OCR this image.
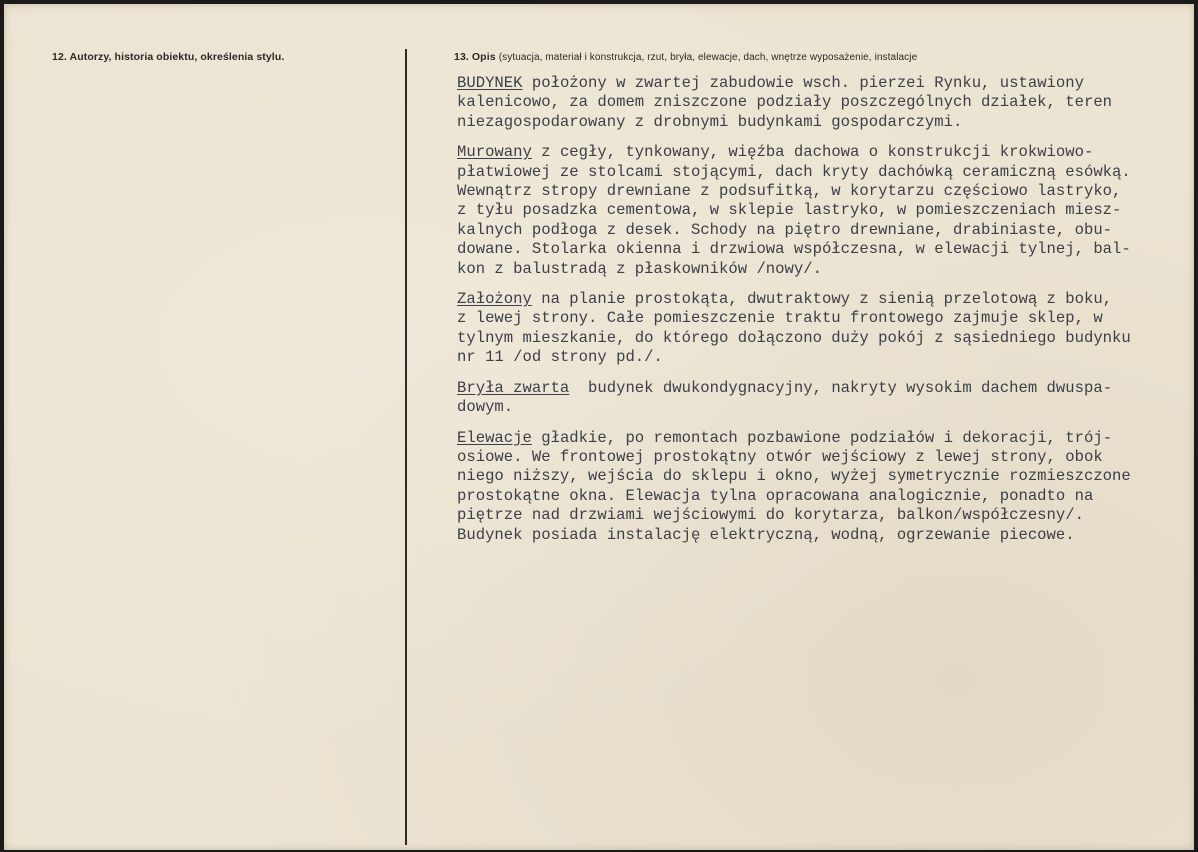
12. Autorzy, historia obiektu, określenia stylu.	13. Opis (sytuacja, materiał i konstrukcja, rzut, bryła, elewacje, dach, wnętrze wyposażenie, instalacje
BUDYNEK położony w zwartej zabudowie wsch. pierzei Rynku, ustawiony
kalenicowo, za domem zniszczone podziały poszczególnych działek, teren
niezagospodarowany z drobnymi budynkami gospodarczymi.
Murowany z cegły, tynkowany, więźba dachowa o konstrukcji krokwiowo-
płatwiowej ze stolcami stojącymi, dach kryty dachówką ceramiczną esówką.
Wewnątrz stropy drewniane z podsufitką, w korytarzu częściowo lastryko,
z tyłu posadzka cementowa, w sklepie lastryko, w pomieszczeniach miesz-
kalnych podłoga z desek. Schody na piętro drewniane, drabiniaste, obu-
dowane. Stolarka okienna i drzwiowa współczesna, w elewacji tylnej, bal-
kon z balustradą z płaskowników /nowy/.
Założony na planie prostokąta, dwutraktowy z sienią przelotową z boku,
z lewej strony. Całe pomieszczenie traktu frontowego zajmuje sklep, w
tylnym mieszkanie, do którego dołączono duży pokój z sąsiedniego budynku
nr 11 /od strony pd./.
Bryła zwarta  budynek dwukondygnacyjny, nakryty wysokim dachem dwuspa-
dowym.
Elewacje gładkie, po remontach pozbawione podziałów i dekoracji, trój-
osiowe. We frontowej prostokątny otwór wejściowy z lewej strony, obok
niego niższy, wejścia do sklepu i okno, wyżej symetrycznie rozmieszczone
prostokątne okna. Elewacja tylna opracowana analogicznie, ponadto na
piętrze nad drzwiami wejściowymi do korytarza, balkon/współczesny/.
Budynek posiada instalację elektryczną, wodną, ogrzewanie piecowe.
